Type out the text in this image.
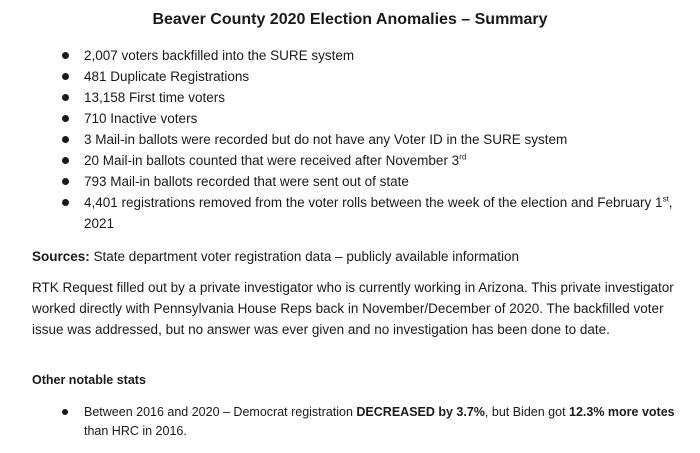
Beaver County 2020 Election Anomalies – Summary
2,007 voters backfilled into the SURE system
481 Duplicate Registrations
13,158 First time voters
710 Inactive voters
3 Mail-in ballots were recorded but do not have any Voter ID in the SURE system
20 Mail-in ballots counted that were received after November 3rd
793 Mail-in ballots recorded that were sent out of state
4,401 registrations removed from the voter rolls between the week of the election and February 1st, 2021
Sources: State department voter registration data – publicly available information
RTK Request filled out by a private investigator who is currently working in Arizona. This private investigator worked directly with Pennsylvania House Reps back in November/December of 2020. The backfilled voter issue was addressed, but no answer was ever given and no investigation has been done to date.
Other notable stats
Between 2016 and 2020 – Democrat registration DECREASED by 3.7%, but Biden got 12.3% more votes than HRC in 2016.
